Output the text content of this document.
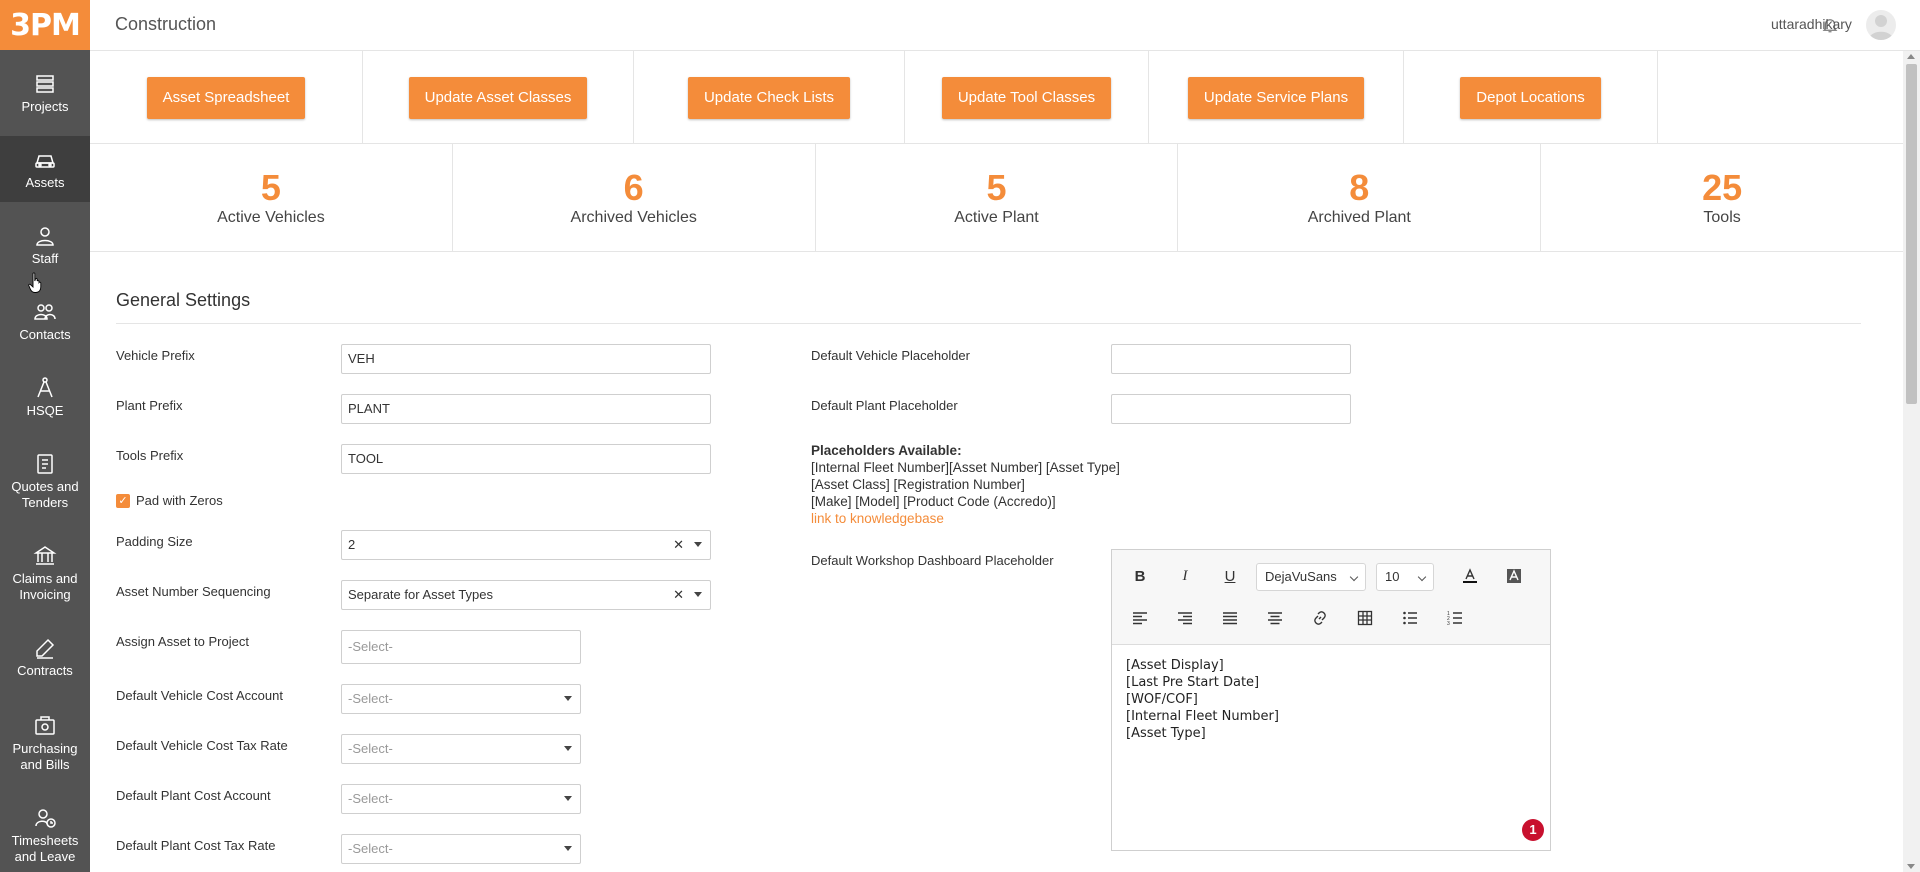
3PM
Projects
Assets
Staff
Contacts
HSQE
Quotes and
Tenders
Claims and
Invoicing
Contracts
Purchasing
and Bills
Timesheets
and Leave
Construction	uttaradhikary
Asset Spreadsheet	Update Asset Classes	Update Check Lists	Update Tool Classes	Update Service Plans	Depot Locations
5
Active Vehicles
6
Archived Vehicles
5
Active Plant
8
Archived Plant
25
Tools
General Settings
Vehicle Prefix	VEH
Plant Prefix	PLANT
Tools Prefix	TOOL
✓ Pad with Zeros
Padding Size	2	✕
Asset Number Sequencing	Separate for Asset Types	✕
Assign Asset to Project	-Select-
Default Vehicle Cost Account	-Select-
Default Vehicle Cost Tax Rate	-Select-
Default Plant Cost Account	-Select-
Default Plant Cost Tax Rate	-Select-
Default Vehicle Placeholder
Default Plant Placeholder
Placeholders Available:
[Internal Fleet Number][Asset Number] [Asset Type]
[Asset Class] [Registration Number]
[Make] [Model] [Product Code (Accredo)]
link to knowledgebase
Default Workshop Dashboard Placeholder
B	I	U	DejaVuSans	10
1
2
3
[Asset Display]
[Last Pre Start Date]
[WOF/COF]
[Internal Fleet Number]
[Asset Type]
1
